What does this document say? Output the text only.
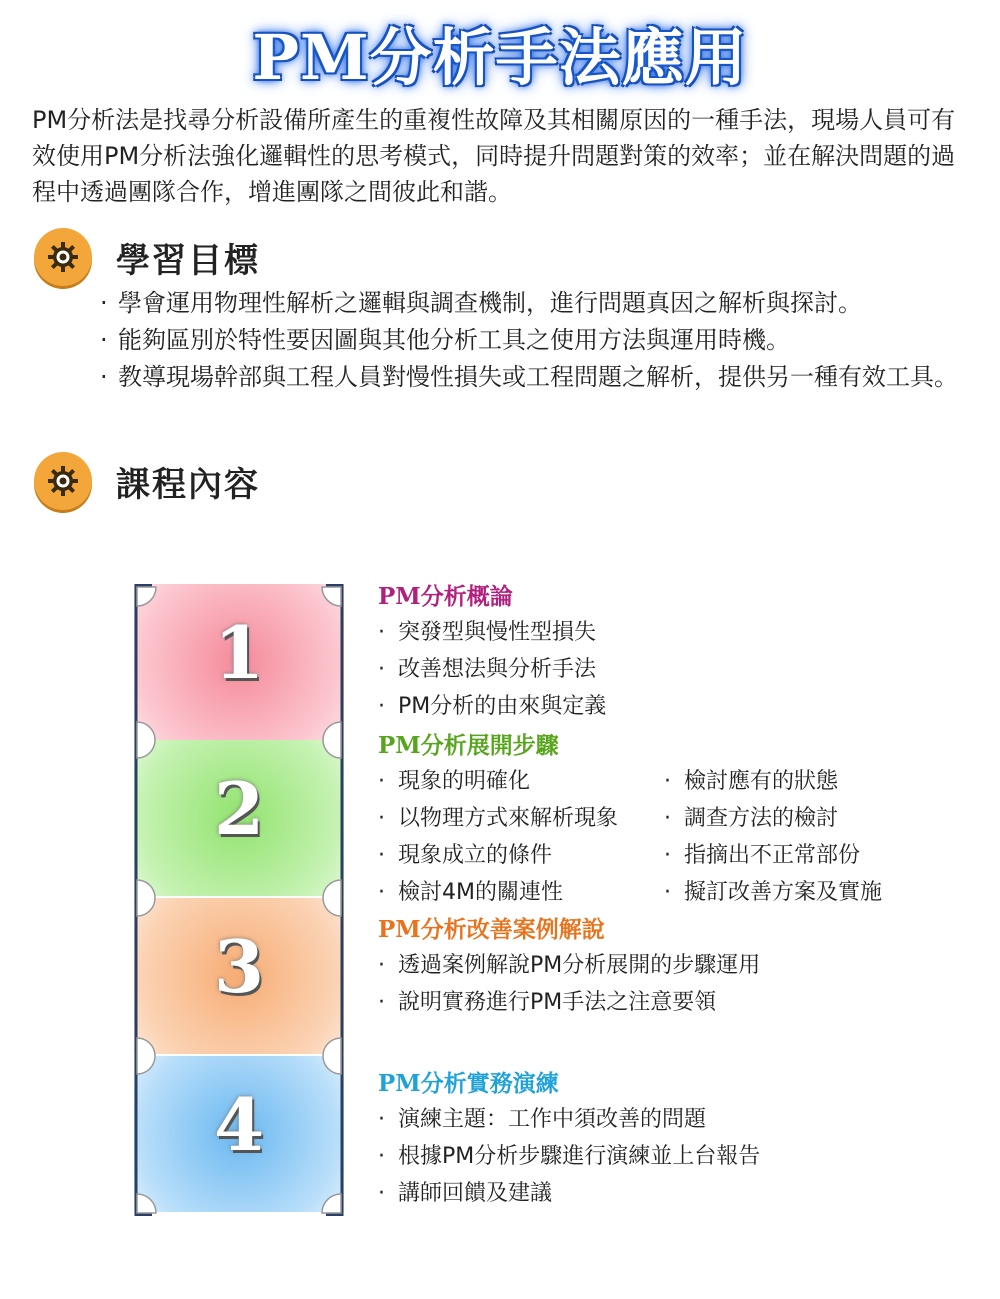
PM分析手法應用
PM分析法是找尋分析設備所產生的重複性故障及其相關原因的一種手法，現場人員可有效使用PM分析法強化邏輯性的思考模式，同時提升問題對策的效率；並在解決問題的過程中透過團隊合作，增進團隊之間彼此和諧。
學習目標
· 學會運用物理性解析之邏輯與調查機制，進行問題真因之解析與探討。
· 能夠區別於特性要因圖與其他分析工具之使用方法與運用時機。
· 教導現場幹部與工程人員對慢性損失或工程問題之解析，提供另一種有效工具。
課程內容
1
2
3
4
PM分析概論
· 突發型與慢性型損失
· 改善想法與分析手法
· PM分析的由來與定義
PM分析展開步驟
· 現象的明確化	· 檢討應有的狀態
· 以物理方式來解析現象	· 調查方法的檢討
· 現象成立的條件	· 指摘出不正常部份
· 檢討4M的關連性	· 擬訂改善方案及實施
PM分析改善案例解說
· 透過案例解說PM分析展開的步驟運用
· 說明實務進行PM手法之注意要領
PM分析實務演練
· 演練主題：工作中須改善的問題
· 根據PM分析步驟進行演練並上台報告
· 講師回饋及建議
